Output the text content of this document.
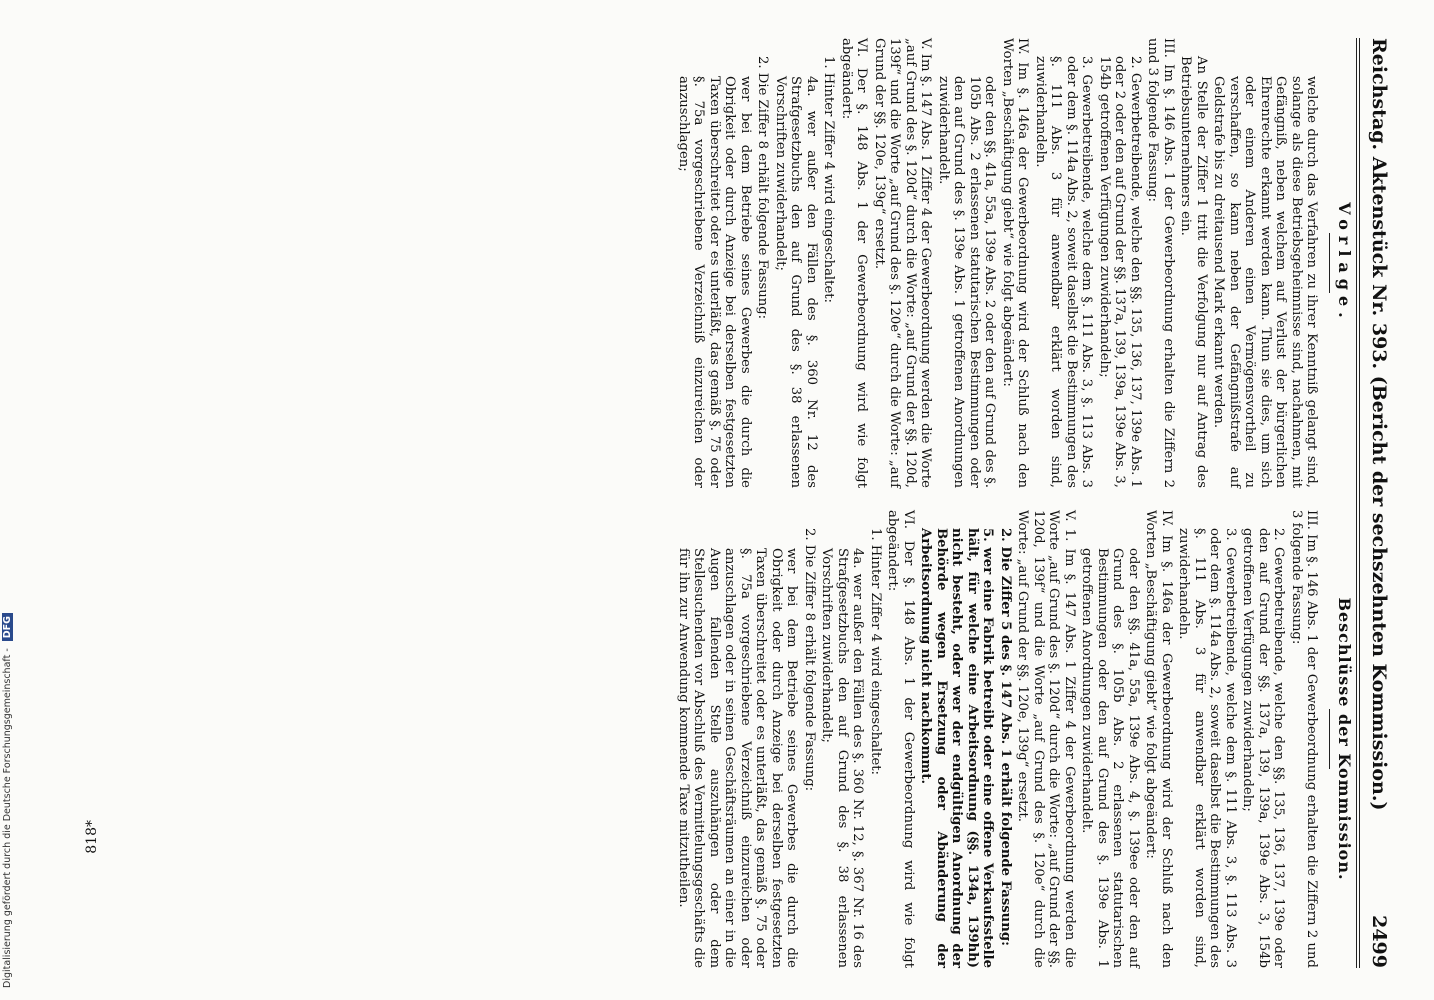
Reichstag. Aktenstück Nr. 393. (Bericht der sechszehnten Kommission.)
2499
Vorlage.
welche durch das Verfahren zu ihrer Kenntniß gelangt sind, solange als diese Betriebsgeheimnisse sind, nachahmen, mit Gefängniß, neben welchem auf Verlust der bürgerlichen Ehrenrechte erkannt werden kann. Thun sie dies, um sich oder einem Anderen einen Vermögensvortheil zu verschaffen, so kann neben der Gefängnißstrafe auf Geldstrafe bis zu dreitausend Mark erkannt werden.
An Stelle der Ziffer 1 tritt die Verfolgung nur auf Antrag des Betriebsunternehmers ein.
III. Im §. 146 Abs. 1 der Gewerbeordnung erhalten die Ziffern 2 und 3 folgende Fassung:
2. Gewerbetreibende, welche den §§. 135, 136, 137, 139e Abs. 1 oder 2 oder den auf Grund der §§. 137a, 139, 139a, 139e Abs. 3, 154b getroffenen Verfügungen zuwiderhandeln;
3. Gewerbetreibende, welche dem §. 111 Abs. 3, §. 113 Abs. 3 oder dem §. 114a Abs. 2, soweit daselbst die Bestimmungen des §. 111 Abs. 3 für anwendbar erklärt worden sind, zuwiderhandeln.
IV. Im §. 146a der Gewerbeordnung wird der Schluß nach den Worten „Beschäftigung giebt“ wie folgt abgeändert:
oder den §§. 41a, 55a, 139e Abs. 2 oder den auf Grund des §. 105b Abs. 2 erlassenen statutarischen Bestimmungen oder den auf Grund des §. 139e Abs. 1 getroffenen Anordnungen zuwiderhandelt.
V. Im §. 147 Abs. 1 Ziffer 4 der Gewerbeordnung werden die Worte „auf Grund des §. 120d“ durch die Worte: „auf Grund der §§. 120d, 139f“ und die Worte „auf Grund des §. 120e“ durch die Worte: „auf Grund der §§. 120e, 139g“ ersetzt.
VI. Der §. 148 Abs. 1 der Gewerbeordnung wird wie folgt abgeändert:
1. Hinter Ziffer 4 wird eingeschaltet:
4a. wer außer den Fällen des §. 360 Nr. 12 des Strafgesetzbuchs den auf Grund des §. 38 erlassenen Vorschriften zuwiderhandelt;
2. Die Ziffer 8 erhält folgende Fassung:
wer bei dem Betriebe seines Gewerbes die durch die Obrigkeit oder durch Anzeige bei derselben festgesetzten Taxen überschreitet oder es unterläßt, das gemäß §. 75 oder §. 75a vorgeschriebene Verzeichniß einzureichen oder anzuschlagen;
Beschlüsse der Kommission.
III. Im §. 146 Abs. 1 der Gewerbeordnung erhalten die Ziffern 2 und 3 folgende Fassung:
2. Gewerbetreibende, welche den §§. 135, 136, 137, 139e oder den auf Grund der §§. 137a, 139, 139a, 139e Abs. 3, 154b getroffenen Verfügungen zuwiderhandeln;
3. Gewerbetreibende, welche dem §. 111 Abs. 3, §. 113 Abs. 3 oder dem §. 114a Abs. 2, soweit daselbst die Bestimmungen des §. 111 Abs. 3 für anwendbar erklärt worden sind, zuwiderhandeln.
IV. Im §. 146a der Gewerbeordnung wird der Schluß nach den Worten „Beschäftigung giebt“ wie folgt abgeändert:
oder den §§. 41a, 55a, 139e Abs. 4, §. 139ee oder den auf Grund des §. 105b Abs. 2 erlassenen statutarischen Bestimmungen oder den auf Grund des §. 139e Abs. 1 getroffenen Anordnungen zuwiderhandelt.
V. 1. Im §. 147 Abs. 1 Ziffer 4 der Gewerbeordnung werden die Worte „auf Grund des §. 120d“ durch die Worte: „auf Grund der §§. 120d, 139f“ und die Worte „auf Grund des §. 120e“ durch die Worte: „auf Grund der §§. 120e, 139g“ ersetzt.
2. Die Ziffer 5 des §. 147 Abs. 1 erhält folgende Fassung:
5. wer eine Fabrik betreibt oder eine offene Verkaufsstelle hält, für welche eine Arbeitsordnung (§§. 134a, 139hh) nicht besteht, oder wer der endgültigen Anordnung der Behörde wegen Ersetzung oder Abänderung der Arbeitsordnung nicht nachkommt.
VI. Der §. 148 Abs. 1 der Gewerbeordnung wird wie folgt abgeändert:
1. Hinter Ziffer 4 wird eingeschaltet:
4a. wer außer den Fällen des §. 360 Nr. 12, §. 367 Nr. 16 des Strafgesetzbuchs den auf Grund des §. 38 erlassenen Vorschriften zuwiderhandelt;
2. Die Ziffer 8 erhält folgende Fassung:
wer bei dem Betriebe seines Gewerbes die durch die Obrigkeit oder durch Anzeige bei derselben festgesetzten Taxen überschreitet oder es unterläßt, das gemäß §. 75 oder §. 75a vorgeschriebene Verzeichniß einzureichen oder anzuschlagen oder in seinen Geschäftsräumen an einer in die Augen fallenden Stelle auszuhängen oder dem Stellesuchenden vor Abschluß des Vermittelungsgeschäfts die für ihn zur Anwendung kommende Taxe mitzutheilen.
818*
Digitalisierung gefördert durch die Deutsche Forschungsgemeinschaft - DFG
